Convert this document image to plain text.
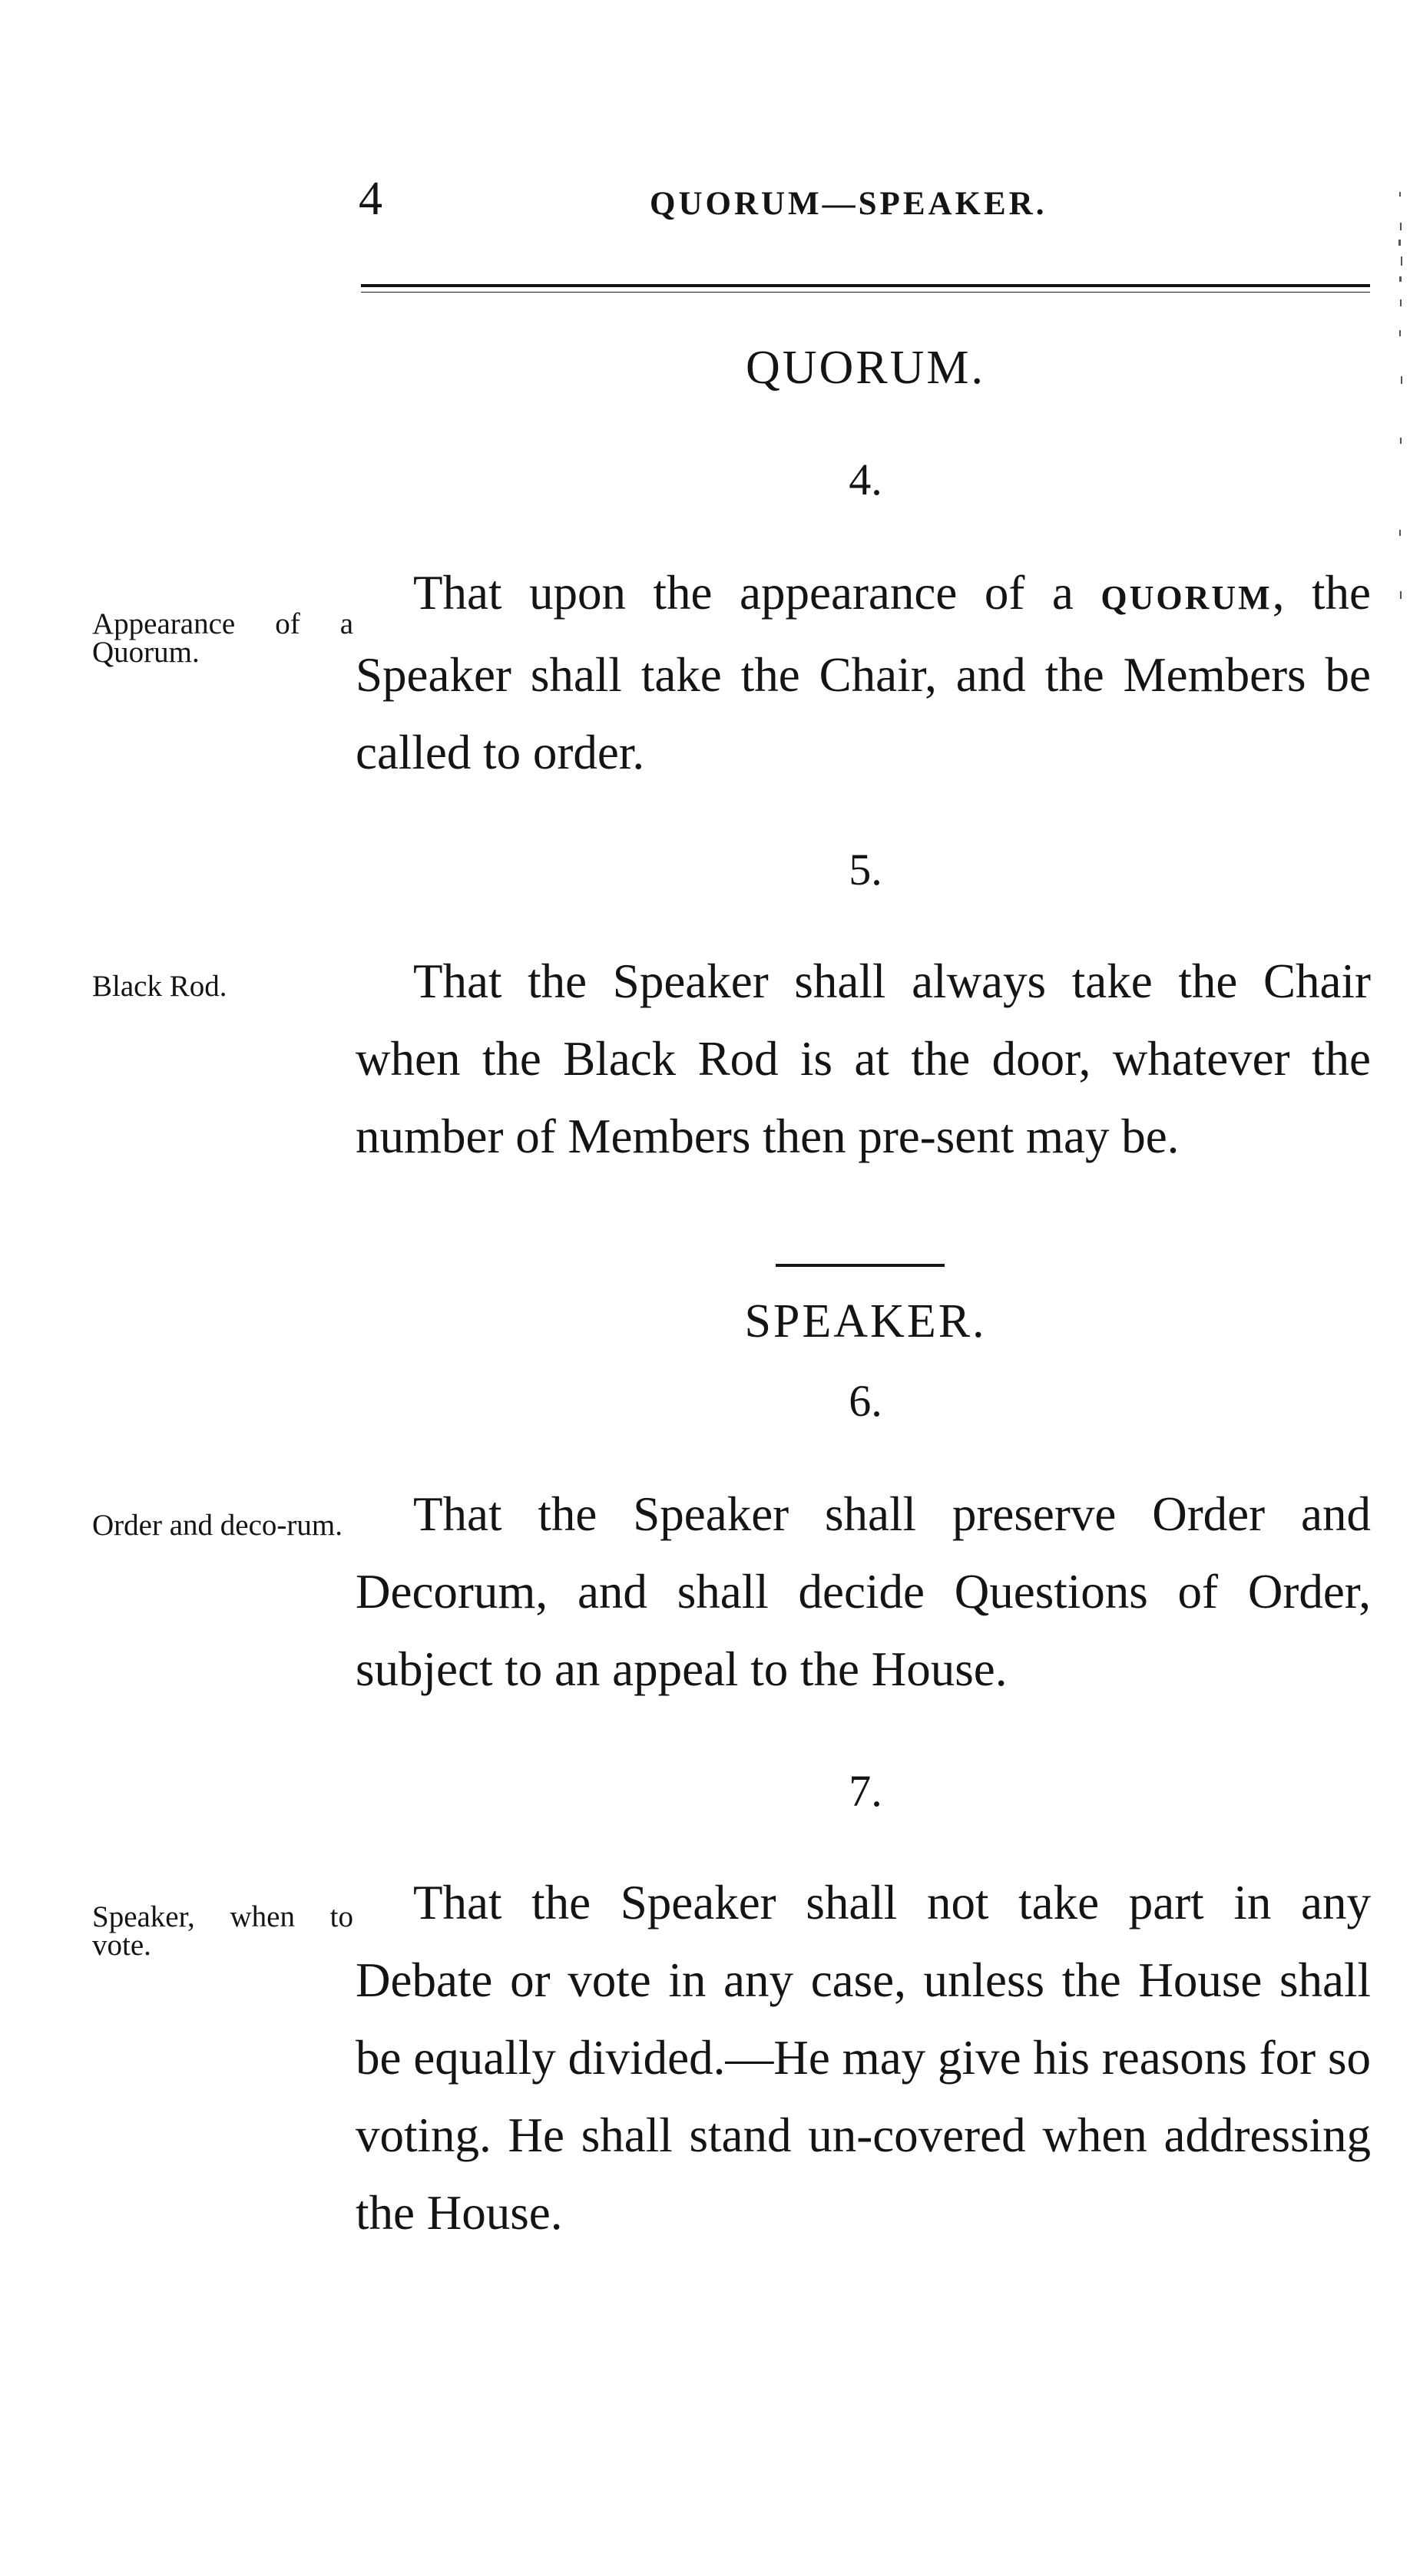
4	QUORUM—SPEAKER.
QUORUM.
4.
Appearance of a Quorum.

That upon the appearance of a QUORUM, the Speaker shall take the Chair, and the Members be called to order.

5.
Black Rod.	That the Speaker shall always take the Chair when the Black Rod is at the door, whatever the number of Members then pre-sent may be.

SPEAKER.
6.
Order and deco-rum.	That the Speaker shall preserve Order and Decorum, and shall decide Questions of Order, subject to an appeal to the House.

7.
Speaker, when to vote.

That the Speaker shall not take part in any Debate or vote in any case, unless the House shall be equally divided.—He may give his reasons for so voting. He shall stand un-covered when addressing the House.
